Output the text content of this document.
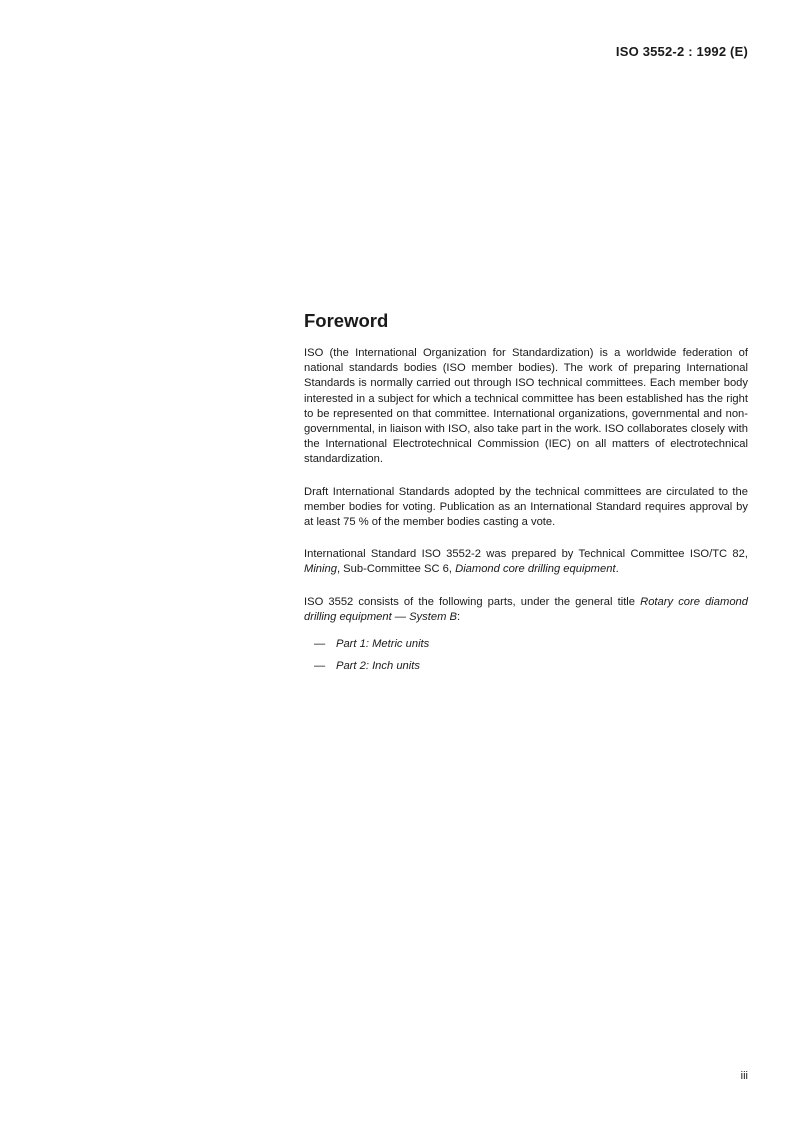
ISO 3552-2 : 1992 (E)
Foreword

ISO (the International Organization for Standardization) is a worldwide federation of national standards bodies (ISO member bodies). The work of preparing International Standards is normally carried out through ISO technical committees. Each member body interested in a subject for which a technical committee has been established has the right to be represented on that committee. International organizations, governmental and non-governmental, in liaison with ISO, also take part in the work. ISO collaborates closely with the International Electrotechnical Commission (IEC) on all matters of electrotechnical standardization.

Draft International Standards adopted by the technical committees are circulated to the member bodies for voting. Publication as an International Standard requires approval by at least 75 % of the member bodies casting a vote.

International Standard ISO 3552-2 was prepared by Technical Committee ISO/TC 82, Mining, Sub-Committee SC 6, Diamond core drilling equipment.

ISO 3552 consists of the following parts, under the general title Rotary core diamond drilling equipment — System B:

— Part 1: Metric units
— Part 2: Inch units
iii
